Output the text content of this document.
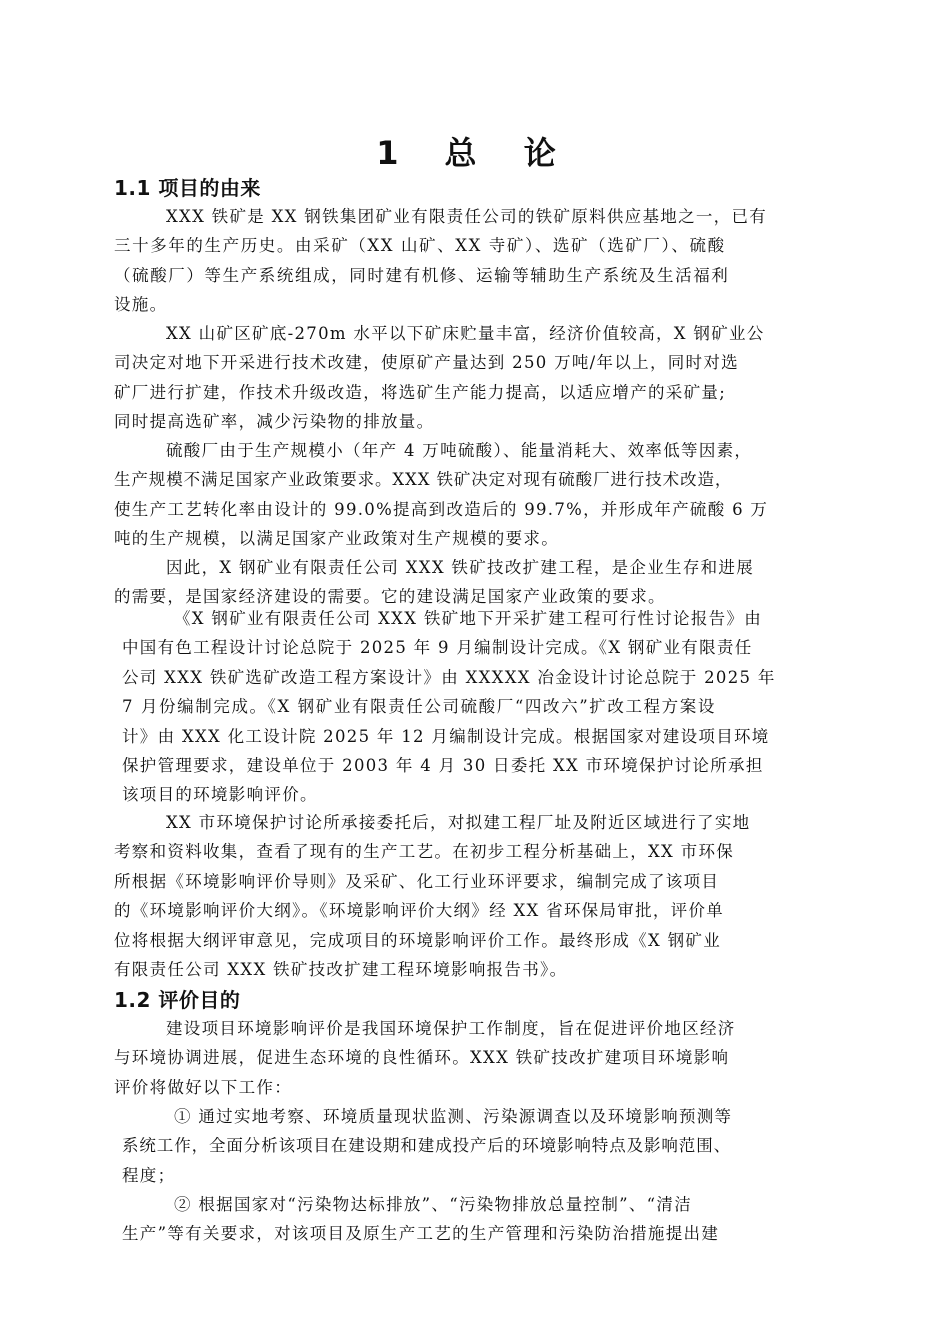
1 总 论
1.1 项目的由来
XXX 铁矿是 XX 钢铁集团矿业有限责任公司的铁矿原料供应基地之一，已有
三十多年的生产历史。由采矿（XX 山矿、XX 寺矿）、选矿（选矿厂）、硫酸
（硫酸厂）等生产系统组成，同时建有机修、运输等辅助生产系统及生活福利
设施。
XX 山矿区矿底-270m 水平以下矿床贮量丰富，经济价值较高，X 钢矿业公
司决定对地下开采进行技术改建，使原矿产量达到 250 万吨/年以上，同时对选
矿厂进行扩建，作技术升级改造，将选矿生产能力提高，以适应增产的采矿量;
同时提高选矿率，减少污染物的排放量。
硫酸厂由于生产规模小（年产 4 万吨硫酸）、能量消耗大、效率低等因素，
生产规模不满足国家产业政策要求。XXX 铁矿决定对现有硫酸厂进行技术改造，
使生产工艺转化率由设计的 99.0%提高到改造后的 99.7%，并形成年产硫酸 6 万
吨的生产规模，以满足国家产业政策对生产规模的要求。
因此，X 钢矿业有限责任公司 XXX 铁矿技改扩建工程，是企业生存和进展
的需要，是国家经济建设的需要。它的建设满足国家产业政策的要求。
《X 钢矿业有限责任公司 XXX 铁矿地下开采扩建工程可行性讨论报告》由
中国有色工程设计讨论总院于 2025 年 9 月编制设计完成。《X 钢矿业有限责任
公司 XXX 铁矿选矿改造工程方案设计》由 XXXXX 冶金设计讨论总院于 2025 年
7 月份编制完成。《X 钢矿业有限责任公司硫酸厂“四改六”扩改工程方案设
计》由 XXX 化工设计院 2025 年 12 月编制设计完成。根据国家对建设项目环境
保护管理要求，建设单位于 2003 年 4 月 30 日委托 XX 市环境保护讨论所承担
该项目的环境影响评价。
XX 市环境保护讨论所承接委托后，对拟建工程厂址及附近区域进行了实地
考察和资料收集，查看了现有的生产工艺。在初步工程分析基础上，XX 市环保
所根据《环境影响评价导则》及采矿、化工行业环评要求，编制完成了该项目
的《环境影响评价大纲》。《环境影响评价大纲》经 XX 省环保局审批，评价单
位将根据大纲评审意见，完成项目的环境影响评价工作。最终形成《X 钢矿业
有限责任公司 XXX 铁矿技改扩建工程环境影响报告书》。
1.2 评价目的
建设项目环境影响评价是我国环境保护工作制度，旨在促进评价地区经济
与环境协调进展，促进生态环境的良性循环。XXX 铁矿技改扩建项目环境影响
评价将做好以下工作：
① 通过实地考察、环境质量现状监测、污染源调查以及环境影响预测等
系统工作，全面分析该项目在建设期和建成投产后的环境影响特点及影响范围、
程度；
② 根据国家对“污染物达标排放”、“污染物排放总量控制”、“清洁
生产”等有关要求，对该项目及原生产工艺的生产管理和污染防治措施提出建
